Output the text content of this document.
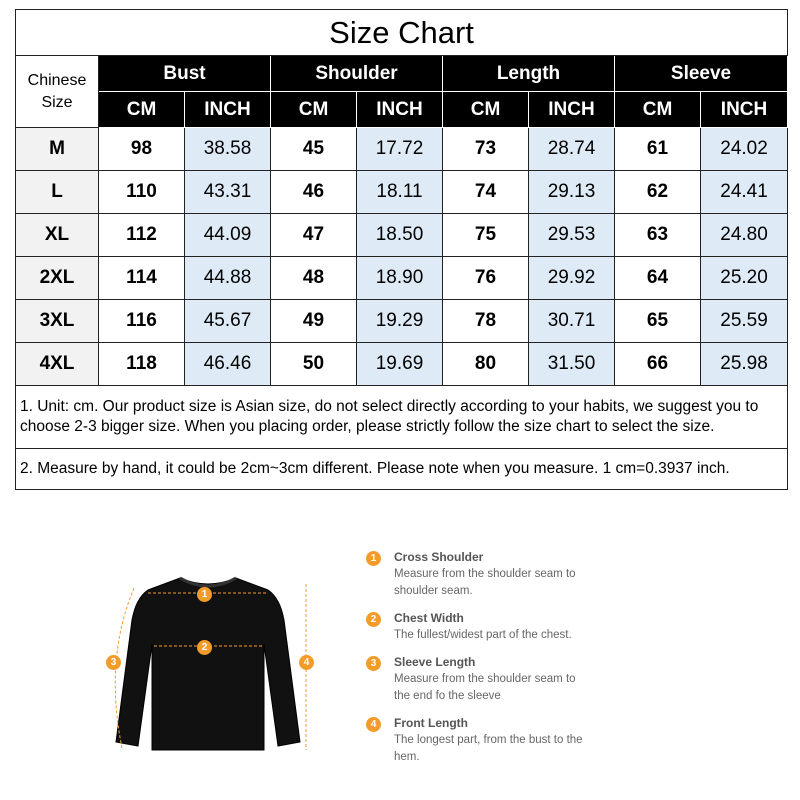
Size Chart								
Chinese
Size	Bust		Shoulder		Length		Sleeve	
	CM	INCH	CM	INCH	CM	INCH	CM	INCH
M	98	38.58	45	17.72	73	28.74	61	24.02
L	110	43.31	46	18.11	74	29.13	62	24.41
XL	112	44.09	47	18.50	75	29.53	63	24.80
2XL	114	44.88	48	18.90	76	29.92	64	25.20
3XL	116	45.67	49	19.29	78	30.71	65	25.59
4XL	118	46.46	50	19.69	80	31.50	66	25.98
1. Unit: cm. Our product size is Asian size, do not select directly according to your habits, we suggest you to choose 2-3 bigger size. When you placing order, please strictly follow the size chart to select the size.								
2. Measure by hand, it could be 2cm~3cm different. Please note when you measure. 1 cm=0.3937 inch.								
1
2
3	4
1	Cross Shoulder
Measure from the shoulder seam to shoulder seam.
2	Chest Width
The fullest/widest part of the chest.
3	Sleeve Length
Measure from the shoulder seam to the end fo the sleeve
4	Front Length
The longest part, from the bust to the hem.
